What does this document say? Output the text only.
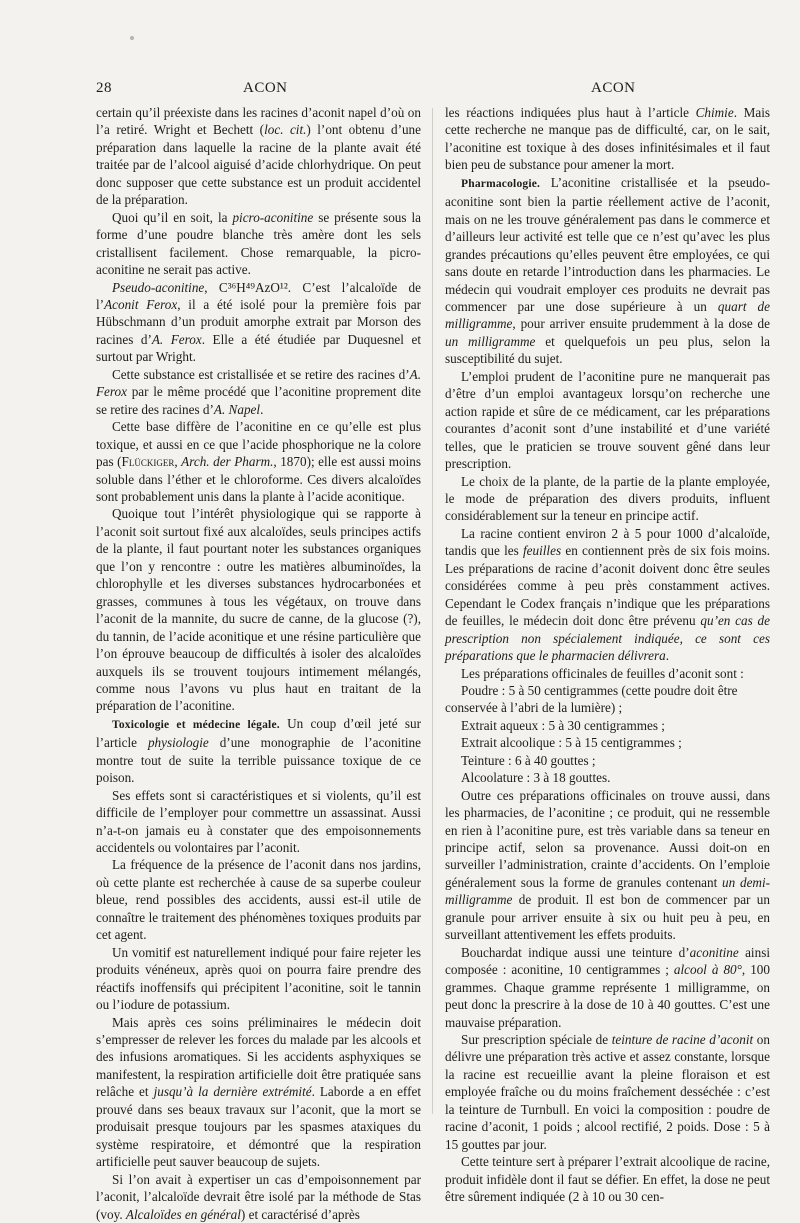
28	ACON	ACON

certain qu’il préexiste dans les racines d’aconit napel d’où on l’a retiré. Wright et Bechett (loc. cit.) l’ont obtenu d’une préparation dans laquelle la racine de la plante avait été traitée par de l’alcool aiguisé d’acide chlorhydrique. On peut donc supposer que cette substance est un produit accidentel de la préparation.

Quoi qu’il en soit, la picro-aconitine se présente sous la forme d’une poudre blanche très amère dont les sels cristallisent facilement. Chose remarquable, la picro-aconitine ne serait pas active.

Pseudo-aconitine, C³⁶H⁴⁹AzO¹². C’est l’alcaloïde de l’Aconit Ferox, il a été isolé pour la première fois par Hübschmann d’un produit amorphe extrait par Morson des racines d’A. Ferox. Elle a été étudiée par Duquesnel et surtout par Wright.

Cette substance est cristallisée et se retire des racines d’A. Ferox par le même procédé que l’aconitine proprement dite se retire des racines d’A. Napel.

Cette base diffère de l’aconitine en ce qu’elle est plus toxique, et aussi en ce que l’acide phosphorique ne la colore pas (Flückiger, Arch. der Pharm., 1870); elle est aussi moins soluble dans l’éther et le chloroforme. Ces divers alcaloïdes sont probablement unis dans la plante à l’acide aconitique.

Quoique tout l’intérêt physiologique qui se rapporte à l’aconit soit surtout fixé aux alcaloïdes, seuls principes actifs de la plante, il faut pourtant noter les substances organiques que l’on y rencontre : outre les matières albuminoïdes, la chlorophylle et les diverses substances hydrocarbonées et grasses, communes à tous les végétaux, on trouve dans l’aconit de la mannite, du sucre de canne, de la glucose (?), du tannin, de l’acide aconitique et une résine particulière que l’on éprouve beaucoup de difficultés à isoler des alcaloïdes auxquels ils se trouvent toujours intimement mélangés, comme nous l’avons vu plus haut en traitant de la préparation de l’aconitine.

Toxicologie et médecine légale. Un coup d’œil jeté sur l’article physiologie d’une monographie de l’aconitine montre tout de suite la terrible puissance toxique de ce poison.

Ses effets sont si caractéristiques et si violents, qu’il est difficile de l’employer pour commettre un assassinat. Aussi n’a-t-on jamais eu à constater que des empoisonnements accidentels ou volontaires par l’aconit.

La fréquence de la présence de l’aconit dans nos jardins, où cette plante est recherchée à cause de sa superbe couleur bleue, rend possibles des accidents, aussi est-il utile de connaître le traitement des phénomènes toxiques produits par cet agent.

Un vomitif est naturellement indiqué pour faire rejeter les produits vénéneux, après quoi on pourra faire prendre des réactifs inoffensifs qui précipitent l’aconitine, soit le tannin ou l’iodure de potassium.

Mais après ces soins préliminaires le médecin doit s’empresser de relever les forces du malade par les alcools et des infusions aromatiques. Si les accidents asphyxiques se manifestent, la respiration artificielle doit être pratiquée sans relâche et jusqu’à la dernière extrémité. Laborde a en effet prouvé dans ses beaux travaux sur l’aconit, que la mort se produisait presque toujours par les spasmes ataxiques du système respiratoire, et démontré que la respiration artificielle peut sauver beaucoup de sujets.

Si l’on avait à expertiser un cas d’empoisonnement par l’aconit, l’alcaloïde devrait être isolé par la méthode de Stas (voy. Alcaloïdes en général) et caractérisé d’après

les réactions indiquées plus haut à l’article Chimie. Mais cette recherche ne manque pas de difficulté, car, on le sait, l’aconitine est toxique à des doses infinitésimales et il faut bien peu de substance pour amener la mort.

Pharmacologie. L’aconitine cristallisée et la pseudo-aconitine sont bien la partie réellement active de l’aconit, mais on ne les trouve généralement pas dans le commerce et d’ailleurs leur activité est telle que ce n’est qu’avec les plus grandes précautions qu’elles peuvent être employées, ce qui sans doute en retarde l’introduction dans les pharmacies. Le médecin qui voudrait employer ces produits ne devrait pas commencer par une dose supérieure à un quart de milligramme, pour arriver ensuite prudemment à la dose de un milligramme et quelquefois un peu plus, selon la susceptibilité du sujet.

L’emploi prudent de l’aconitine pure ne manquerait pas d’être d’un emploi avantageux lorsqu’on recherche une action rapide et sûre de ce médicament, car les préparations courantes d’aconit sont d’une instabilité et d’une variété telles, que le praticien se trouve souvent gêné dans leur prescription.

Le choix de la plante, de la partie de la plante employée, le mode de préparation des divers produits, influent considérablement sur la teneur en principe actif.

La racine contient environ 2 à 5 pour 1000 d’alcaloïde, tandis que les feuilles en contiennent près de six fois moins. Les préparations de racine d’aconit doivent donc être seules considérées comme à peu près constamment actives. Cependant le Codex français n’indique que les préparations de feuilles, le médecin doit donc être prévenu qu’en cas de prescription non spécialement indiquée, ce sont ces préparations que le pharmacien délivrera.

Les préparations officinales de feuilles d’aconit sont :

Poudre : 5 à 50 centigrammes (cette poudre doit être conservée à l’abri de la lumière) ;

Extrait aqueux : 5 à 30 centigrammes ;

Extrait alcoolique : 5 à 15 centigrammes ;

Teinture : 6 à 40 gouttes ;

Alcoolature : 3 à 18 gouttes.

Outre ces préparations officinales on trouve aussi, dans les pharmacies, de l’aconitine ; ce produit, qui ne ressemble en rien à l’aconitine pure, est très variable dans sa teneur en principe actif, selon sa provenance. Aussi doit-on en surveiller l’administration, crainte d’accidents. On l’emploie généralement sous la forme de granules contenant un demi-milligramme de produit. Il est bon de commencer par un granule pour arriver ensuite à six ou huit peu à peu, en surveillant attentivement les effets produits.

Bouchardat indique aussi une teinture d’aconitine ainsi composée : aconitine, 10 centigrammes ; alcool à 80°, 100 grammes. Chaque gramme représente 1 milligramme, on peut donc la prescrire à la dose de 10 à 40 gouttes. C’est une mauvaise préparation.

Sur prescription spéciale de teinture de racine d’aconit on délivre une préparation très active et assez constante, lorsque la racine est recueillie avant la pleine floraison et est employée fraîche ou du moins fraîchement desséchée : c’est la teinture de Turnbull. En voici la composition : poudre de racine d’aconit, 1 poids ; alcool rectifié, 2 poids. Dose : 5 à 15 gouttes par jour.

Cette teinture sert à préparer l’extrait alcoolique de racine, produit infidèle dont il faut se défier. En effet, la dose ne peut être sûrement indiquée (2 à 10 ou 30 cen-
